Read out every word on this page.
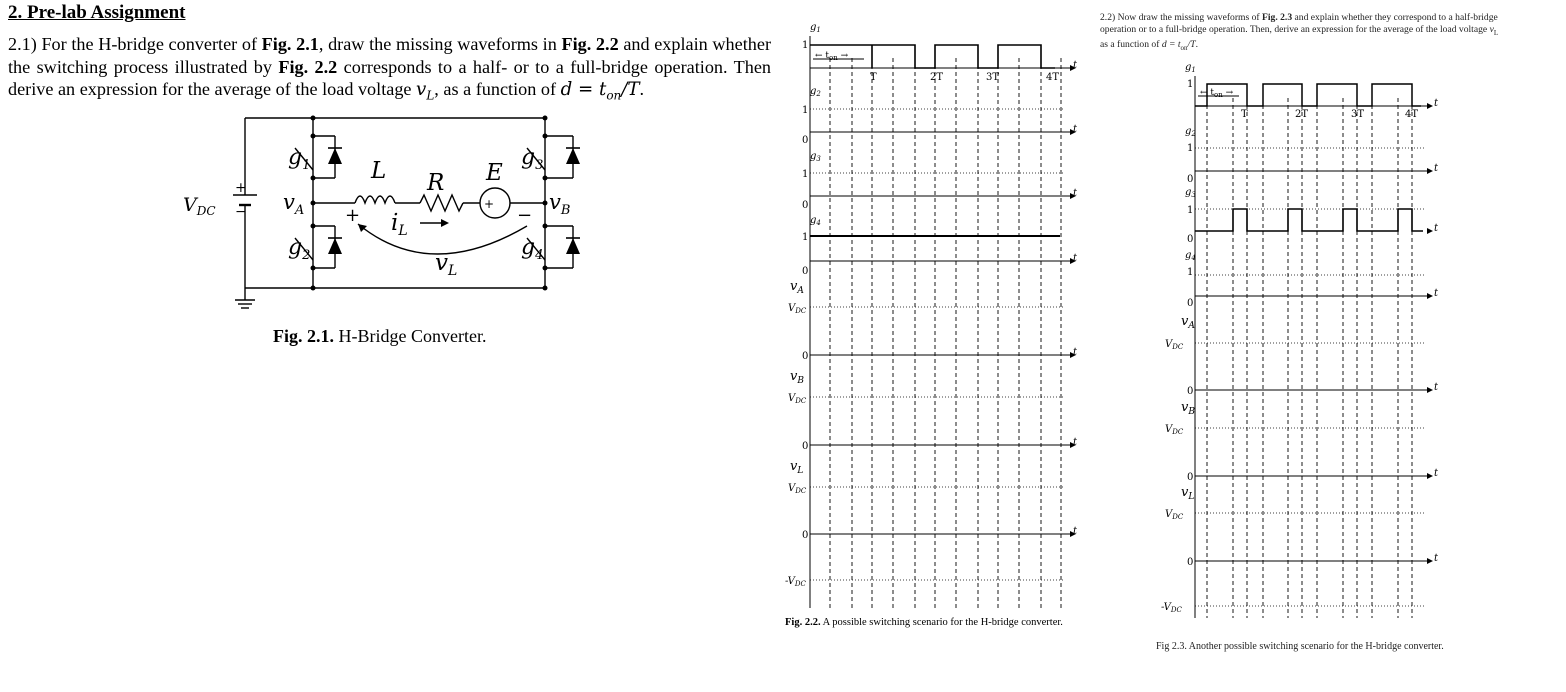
2. Pre-lab Assignment
2.1) For the H-bridge converter of Fig. 2.1, draw the missing waveforms in Fig. 2.2 and explain whether the switching process illustrated by Fig. 2.2 corresponds to a half- or to a full-bridge operation. Then derive an expression for the average of the load voltage $v_L$, as a function of $d = t_{on}/T$.
$V_{DC}$
+
−
$g_1$
$g_2$
$g_3$
$g_4$
L R E
$v_A$	$v_B$
$i_L$
$v_L$
+	−
+
Fig. 2.1. H-Bridge Converter.
← $t_{on}$ →
T	2T	3T	4T
t
t
t
t
t
t
t
$g_1$
1
$g_2$
1
0
$g_3$
1
0
$g_4$
1
0
$v_A$
$V_{DC}$
0
$v_B$
$V_{DC}$
0
$v_L$
$V_{DC}$
0
$-V_{DC}$
Fig. 2.2. A possible switching scenario for the H-bridge converter.
2.2) Now draw the missing waveforms of Fig. 2.3 and explain whether they correspond to a half-bridge operation or to a full-bridge operation. Then, derive an expression for the average of the load voltage $v_L$ as a function of $d = t_{on}/T$.
← $t_{on}$ →
T	2T	3T	4T
t
t
t
t
t
t
t
$g_1$
1
$g_2$
1
0
$g_3$
1
0
$g_4$
1
0
$v_A$
$V_{DC}$
0
$v_B$
$V_{DC}$
0
$v_L$
$V_{DC}$
0
$-V_{DC}$
Fig 2.3. Another possible switching scenario for the H-bridge converter.
